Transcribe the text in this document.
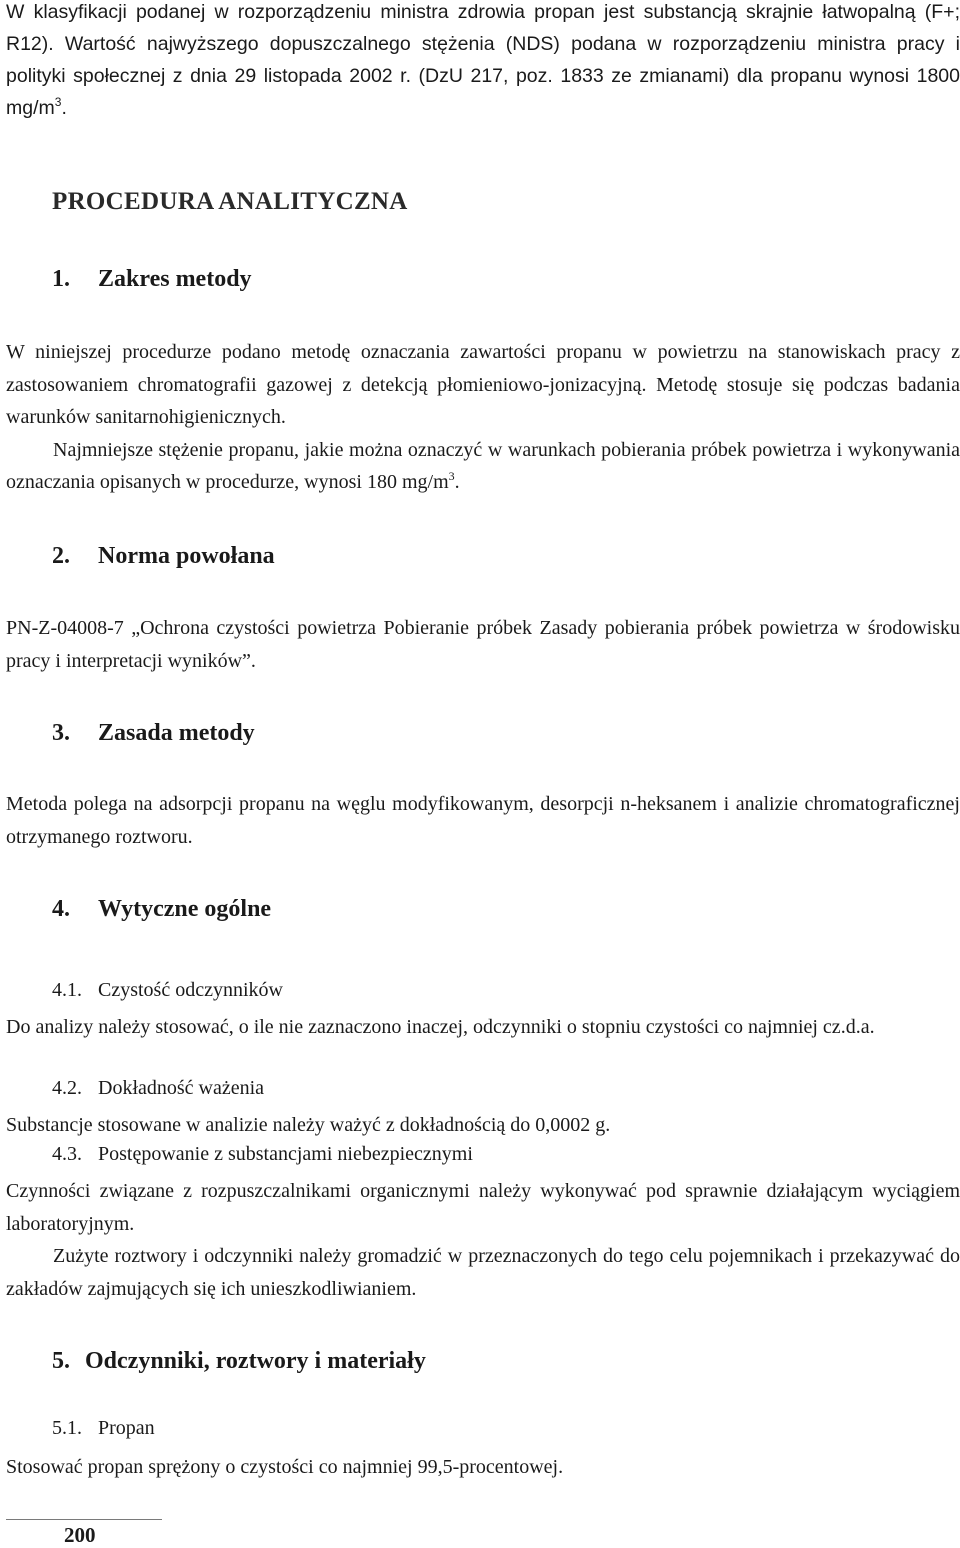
W klasyfikacji podanej w rozporządzeniu ministra zdrowia propan jest substancją skrajnie łatwopalną (F+; R12). Wartość najwyższego dopuszczalnego stężenia (NDS) podana w rozporządzeniu ministra pracy i polityki społecznej z dnia 29 listopada 2002 r. (DzU 217, poz. 1833 ze zmianami) dla propanu wynosi 1800 $mg/m^3$.

PROCEDURA ANALITYCZNA
1. Zakres metody

W niniejszej procedurze podano metodę oznaczania zawartości propanu w powietrzu na stanowiskach pracy z zastosowaniem chromatografii gazowej z detekcją płomieniowo-jonizacyjną. Metodę stosuje się podczas badania warunków sanitarnohigienicznych.

Najmniejsze stężenie propanu, jakie można oznaczyć w warunkach pobierania próbek powietrza i wykonywania oznaczania opisanych w procedurze, wynosi 180 $mg/m^3$.

2. Norma powołana

PN-Z-04008-7 „Ochrona czystości powietrza Pobieranie próbek Zasady pobierania próbek powietrza w środowisku pracy i interpretacji wyników”.

3. Zasada metody

Metoda polega na adsorpcji propanu na węglu modyfikowanym, desorpcji n-heksanem i analizie chromatograficznej otrzymanego roztworu.

4. Wytyczne ogólne

4.1. Czystość odczynników

Do analizy należy stosować, o ile nie zaznaczono inaczej, odczynniki o stopniu czystości co najmniej cz.d.a.

4.2. Dokładność ważenia

Substancje stosowane w analizie należy ważyć z dokładnością do 0,0002 g.

4.3. Postępowanie z substancjami niebezpiecznymi

Czynności związane z rozpuszczalnikami organicznymi należy wykonywać pod sprawnie działającym wyciągiem laboratoryjnym.

Zużyte roztwory i odczynniki należy gromadzić w przeznaczonych do tego celu pojemnikach i przekazywać do zakładów zajmujących się ich unieszkodliwianiem.

5. Odczynniki, roztwory i materiały

5.1. Propan

Stosować propan sprężony o czystości co najmniej 99,5-procentowej.

200
